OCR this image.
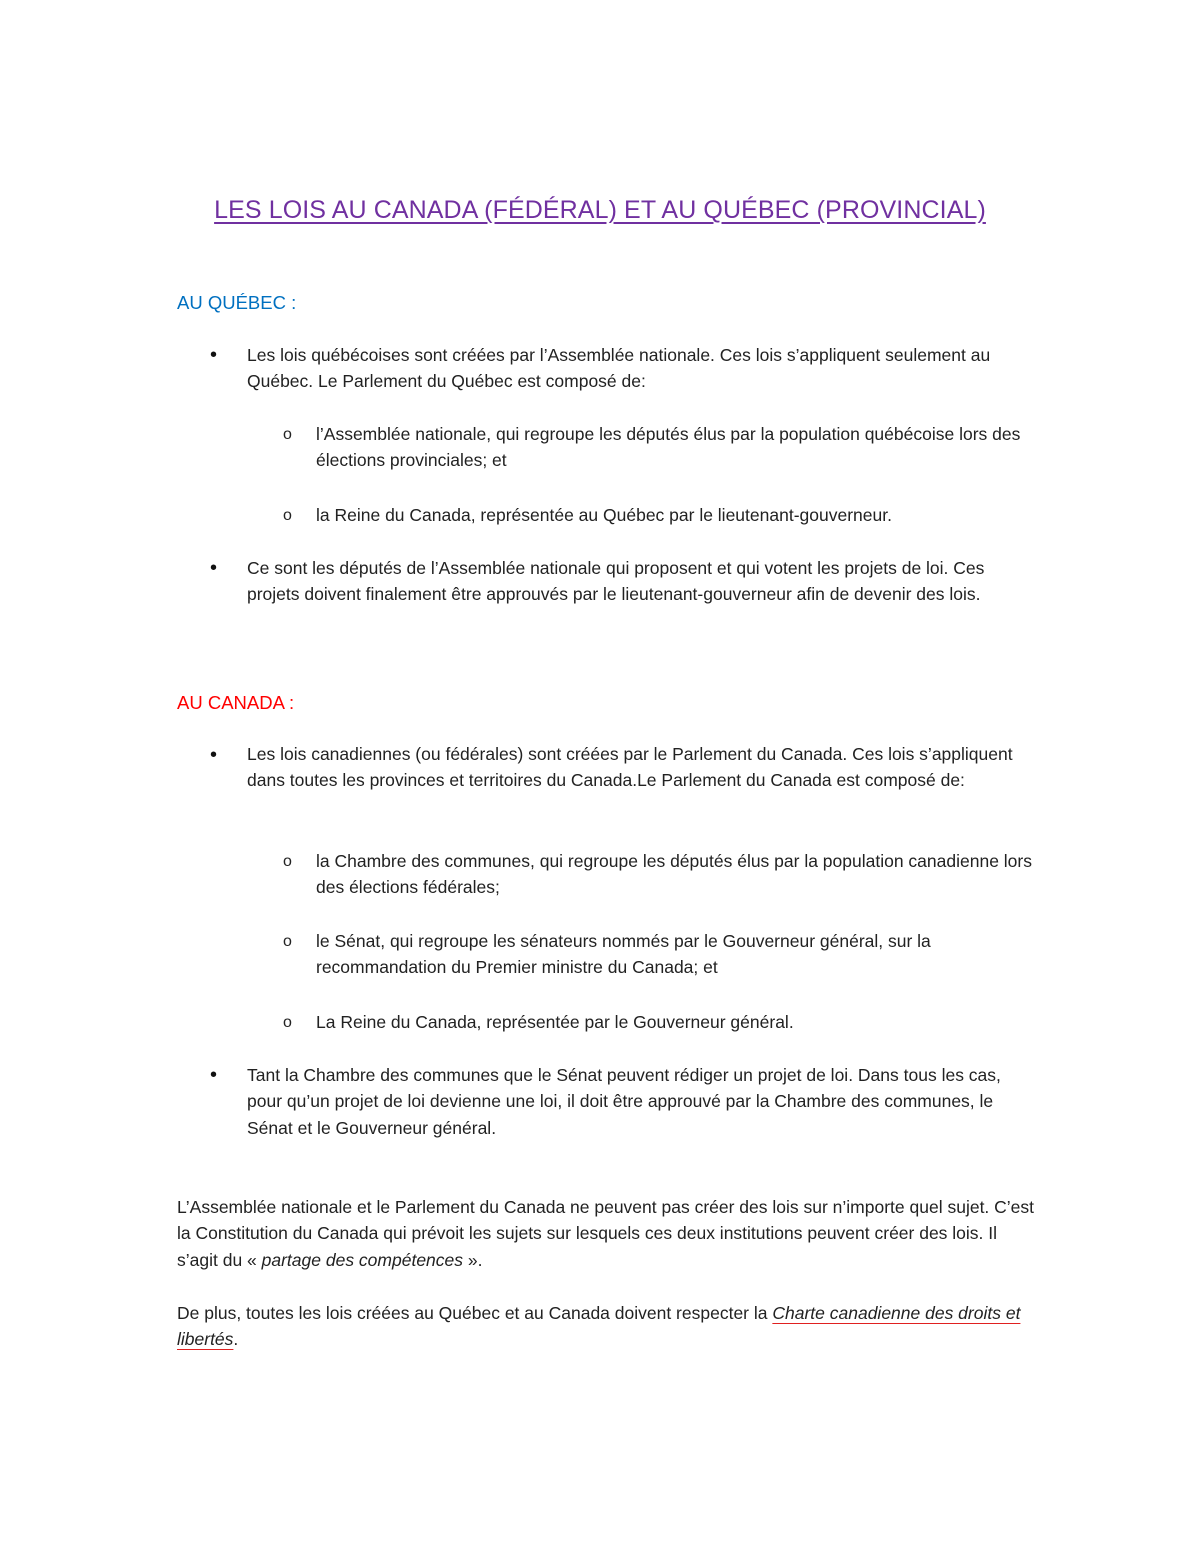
LES LOIS AU CANADA (FÉDÉRAL) ET AU QUÉBEC (PROVINCIAL)
AU QUÉBEC :
• Les lois québécoises sont créées par l’Assemblée nationale. Ces lois s’appliquent seulement au Québec. Le Parlement du Québec est composé de:
o l’Assemblée nationale, qui regroupe les députés élus par la population québécoise lors des élections provinciales; et
o la Reine du Canada, représentée au Québec par le lieutenant-gouverneur.
• Ce sont les députés de l’Assemblée nationale qui proposent et qui votent les projets de loi. Ces projets doivent finalement être approuvés par le lieutenant-gouverneur afin de devenir des lois.
AU CANADA :
• Les lois canadiennes (ou fédérales) sont créées par le Parlement du Canada. Ces lois s’appliquent dans toutes les provinces et territoires du Canada.Le Parlement du Canada est composé de:
o la Chambre des communes, qui regroupe les députés élus par la population canadienne lors des élections fédérales;
o le Sénat, qui regroupe les sénateurs nommés par le Gouverneur général, sur la recommandation du Premier ministre du Canada; et
o La Reine du Canada, représentée par le Gouverneur général.
• Tant la Chambre des communes que le Sénat peuvent rédiger un projet de loi. Dans tous les cas, pour qu’un projet de loi devienne une loi, il doit être approuvé par la Chambre des communes, le Sénat et le Gouverneur général.
L’Assemblée nationale et le Parlement du Canada ne peuvent pas créer des lois sur n’importe quel sujet. C’est la Constitution du Canada qui prévoit les sujets sur lesquels ces deux institutions peuvent créer des lois. Il s’agit du « partage des compétences ».
De plus, toutes les lois créées au Québec et au Canada doivent respecter la Charte canadienne des droits et libertés.
